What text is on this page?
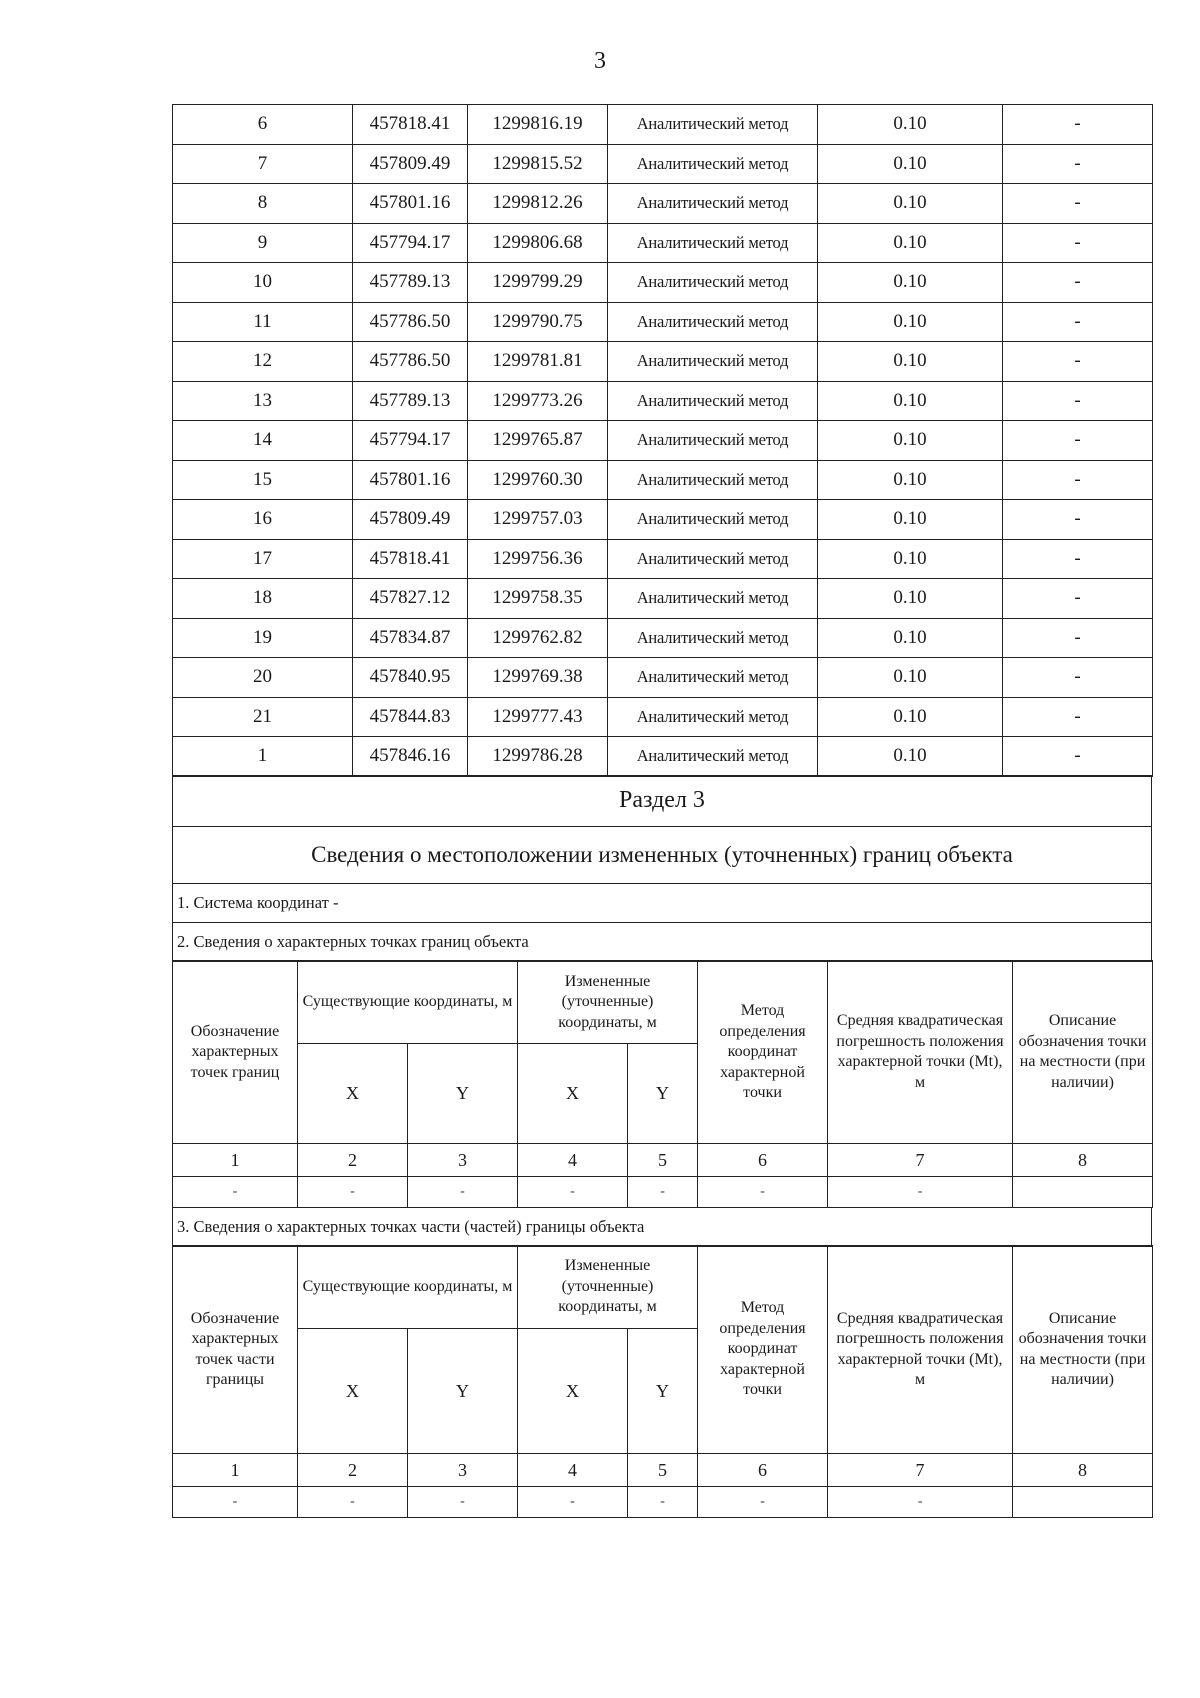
3
6	457818.41	1299816.19	Аналитический метод	0.10	-
7	457809.49	1299815.52	Аналитический метод	0.10	-
8	457801.16	1299812.26	Аналитический метод	0.10	-
9	457794.17	1299806.68	Аналитический метод	0.10	-
10	457789.13	1299799.29	Аналитический метод	0.10	-
11	457786.50	1299790.75	Аналитический метод	0.10	-
12	457786.50	1299781.81	Аналитический метод	0.10	-
13	457789.13	1299773.26	Аналитический метод	0.10	-
14	457794.17	1299765.87	Аналитический метод	0.10	-
15	457801.16	1299760.30	Аналитический метод	0.10	-
16	457809.49	1299757.03	Аналитический метод	0.10	-
17	457818.41	1299756.36	Аналитический метод	0.10	-
18	457827.12	1299758.35	Аналитический метод	0.10	-
19	457834.87	1299762.82	Аналитический метод	0.10	-
20	457840.95	1299769.38	Аналитический метод	0.10	-
21	457844.83	1299777.43	Аналитический метод	0.10	-
1	457846.16	1299786.28	Аналитический метод	0.10	-
Раздел 3
Сведения о местоположении измененных (уточненных) границ объекта
1. Система координат -
2. Сведения о характерных точках границ объекта
Обозначение характерных точек границ	Существующие координаты, м		Измененные (уточненные) координаты, м		Метод определения координат характерной точки	Средняя квадратическая погрешность положения характерной точки (Mt), м	Описание обозначения точки на местности (при наличии)
	X	Y	X	Y			
1	2	3	4	5	6	7	8
-	-	-	-	-	-	-	
3. Сведения о характерных точках части (частей) границы объекта
Обозначение характерных точек части границы	Существующие координаты, м		Измененные (уточненные) координаты, м		Метод определения координат характерной точки	Средняя квадратическая погрешность положения характерной точки (Mt), м	Описание обозначения точки на местности (при наличии)
	X	Y	X	Y			
1	2	3	4	5	6	7	8
-	-	-	-	-	-	-	
